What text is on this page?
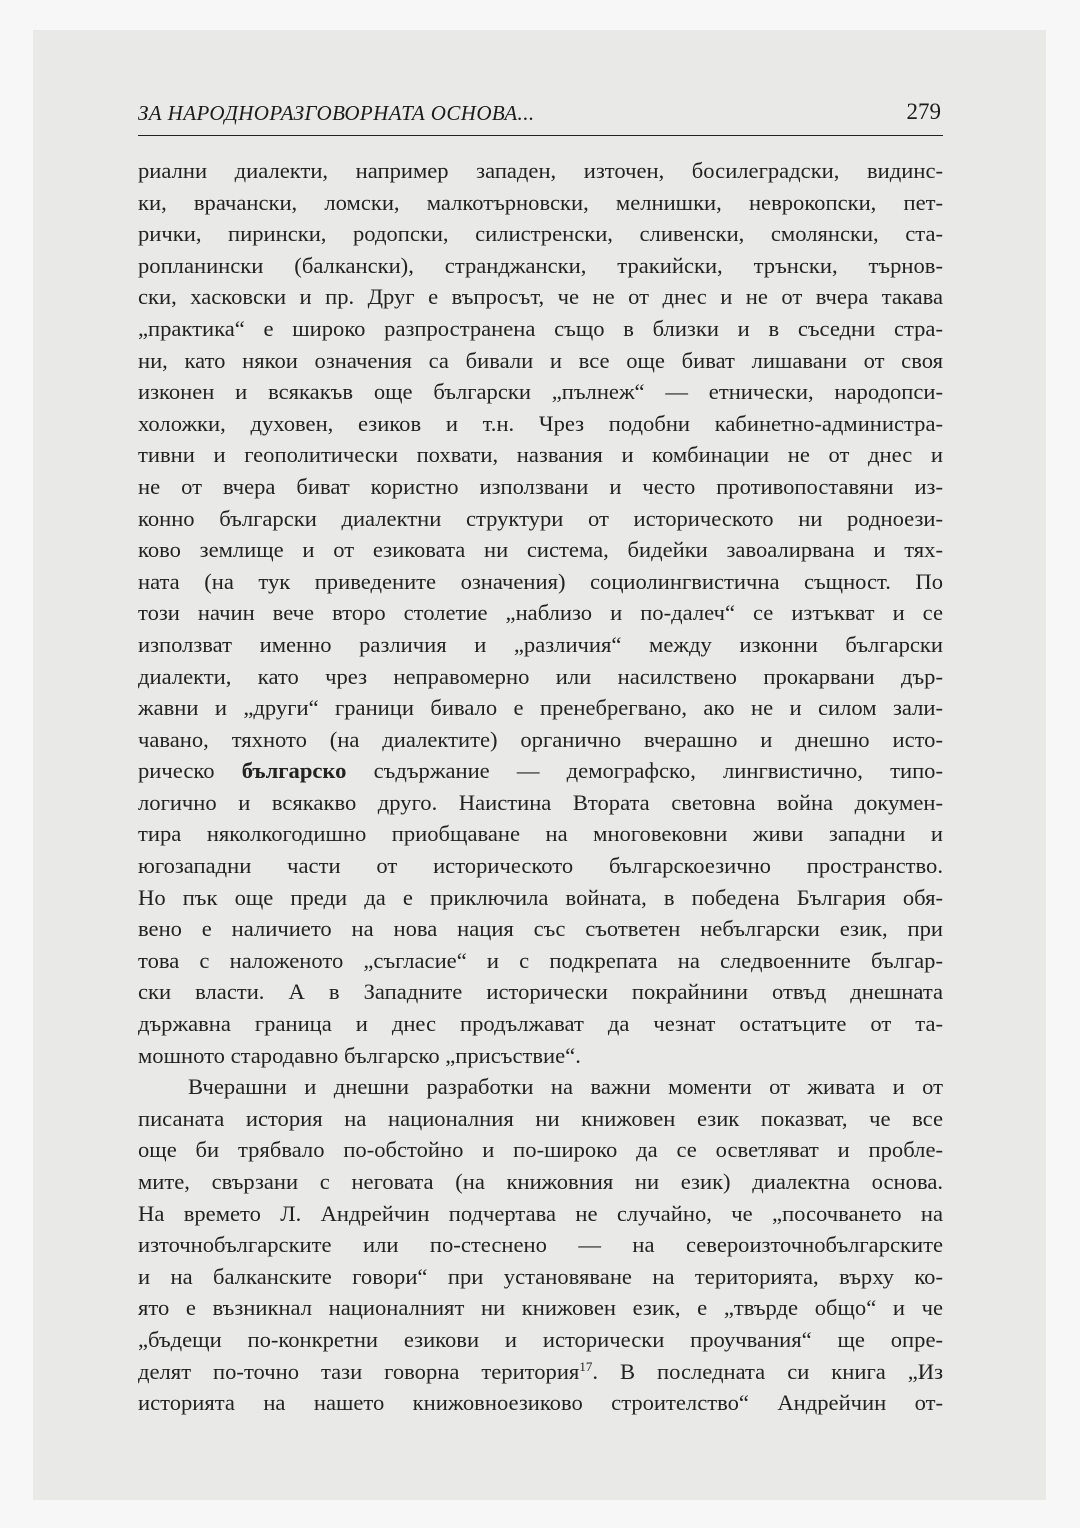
ЗА НАРОДНОРАЗГОВОРНАТА ОСНОВА...	279
риални диалекти, например западен, източен, босилеградски, видинс-
ки, врачански, ломски, малкотърновски, мелнишки, неврокопски, пет-
рички, пирински, родопски, силистренски, сливенски, смолянски, ста-
ропланински (балкански), странджански, тракийски, трънски, търнов-
ски, хасковски и пр. Друг е въпросът, че не от днес и не от вчера такава
„практика“ е широко разпространена също в близки и в съседни стра-
ни, като някои означения са бивали и все още биват лишавани от своя
изконен и всякакъв още български „пълнеж“ — етнически, народопси-
холожки, духовен, езиков и т.н. Чрез подобни кабинетно-администра-
тивни и геополитически похвати, названия и комбинации не от днес и
не от вчера биват користно използвани и често противопоставяни из-
конно български диалектни структури от историческото ни родноези-
ково землище и от езиковата ни система, бидейки завоалирвана и тях-
ната (на тук приведените означения) социолингвистична същност. По
този начин вече второ столетие „наблизо и по-далеч“ се изтъкват и се
използват именно различия и „различия“ между изконни български
диалекти, като чрез неправомерно или насилствено прокарвани дър-
жавни и „други“ граници бивало е пренебрегвано, ако не и силом зали-
чавано, тяхното (на диалектите) органично вчерашно и днешно исто-
рическо българско съдържание — демографско, лингвистично, типо-
логично и всякакво друго. Наистина Втората световна война докумен-
тира няколкогодишно приобщаване на многовековни живи западни и
югозападни части от историческото българскоезично пространство.
Но пък още преди да е приключила войната, в победена България обя-
вено е наличието на нова нация със съответен небългарски език, при
това с наложеното „съгласие“ и с подкрепата на следвоенните българ-
ски власти. А в Западните исторически покрайнини отвъд днешната
държавна граница и днес продължават да чезнат остатъците от та-
мошното стародавно българско „присъствие“.
Вчерашни и днешни разработки на важни моменти от живата и от
писаната история на националния ни книжовен език показват, че все
още би трябвало по-обстойно и по-широко да се осветляват и пробле-
мите, свързани с неговата (на книжовния ни език) диалектна основа.
На времето Л. Андрейчин подчертава не случайно, че „посочването на
източнобългарските или по-стеснено — на североизточнобългарските
и на балканските говори“ при установяване на територията, върху ко-
ято е възникнал националният ни книжовен език, е „твърде общо“ и че
„бъдещи по-конкретни езикови и исторически проучвания“ ще опре-
делят по-точно тази говорна територия$^{17}$. В последната си книга „Из
историята на нашето книжовноезиково строителство“ Андрейчин от-
